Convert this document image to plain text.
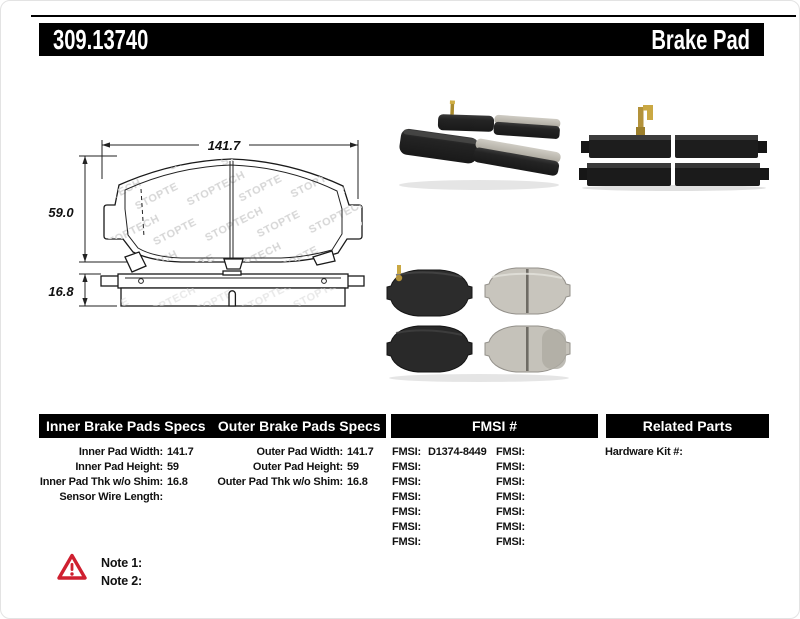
309.13740	Brake Pad
141.7
59.0
16.8
Inner Brake Pads Specs Outer Brake Pads Specs	FMSI #	Related Parts
Inner Pad Width: 141.7
Inner Pad Height: 59
Inner Pad Thk w/o Shim: 16.8
Sensor Wire Length:
Outer Pad Width: 141.7
Outer Pad Height: 59
Outer Pad Thk w/o Shim: 16.8
FMSI: D1374-8449
FMSI:
FMSI:
FMSI:
FMSI:
FMSI:
FMSI:
FMSI:
FMSI:
FMSI:
FMSI:
FMSI:
FMSI:
FMSI:
Hardware Kit #:
Note 1:
Note 2:
